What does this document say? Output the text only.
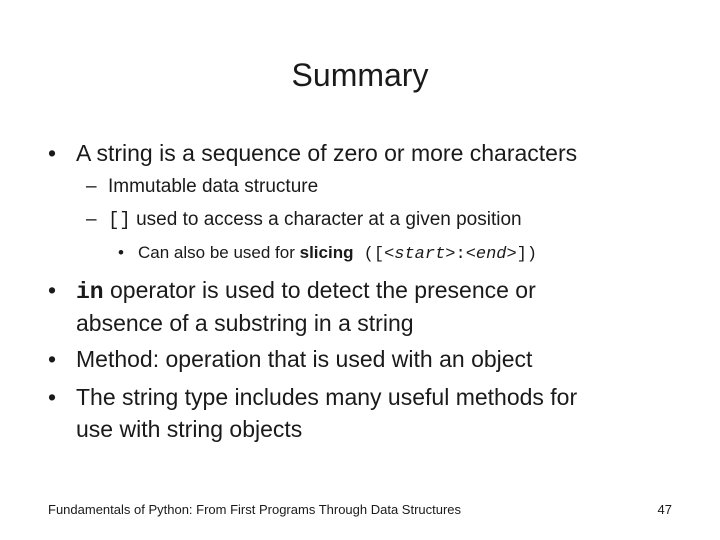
Summary
• A string is a sequence of zero or more characters
– Immutable data structure
– [] used to access a character at a given position
• Can also be used for slicing ([<start>:<end>])
• in operator is used to detect the presence or
absence of a substring in a string
• Method: operation that is used with an object
• The string type includes many useful methods for
use with string objects
Fundamentals of Python: From First Programs Through Data Structures	47
